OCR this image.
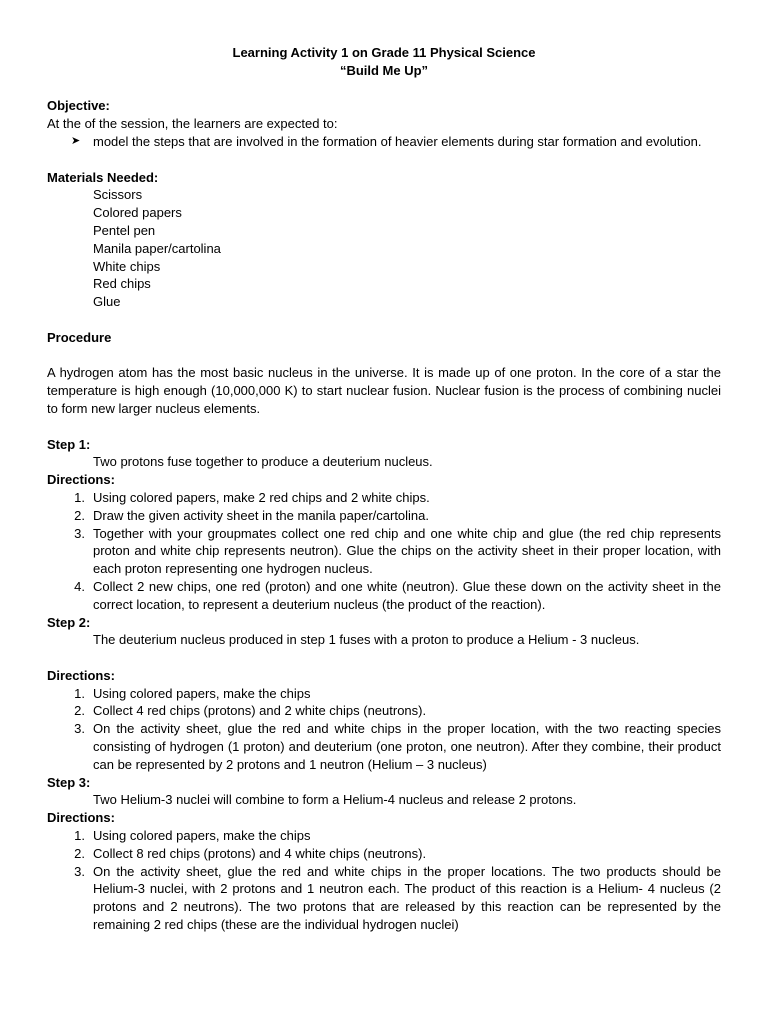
Learning Activity 1 on Grade 11 Physical Science

“Build Me Up”

Objective:

At the of the session, the learners are expected to:

➤ model the steps that are involved in the formation of heavier elements during star formation and evolution.

Materials Needed:

Scissors

Colored papers

Pentel pen

Manila paper/cartolina

White chips

Red chips

Glue

Procedure

A hydrogen atom has the most basic nucleus in the universe. It is made up of one proton. In the core of a star the temperature is high enough (10,000,000 K) to start nuclear fusion. Nuclear fusion is the process of combining nuclei to form new larger nucleus elements.

Step 1:

Two protons fuse together to produce a deuterium nucleus.

Directions:

1. Using colored papers, make 2 red chips and 2 white chips.
2. Draw the given activity sheet in the manila paper/cartolina.
3. Together with your groupmates collect one red chip and one white chip and glue (the red chip represents proton and white chip represents neutron). Glue the chips on the activity sheet in their proper location, with each proton representing one hydrogen nucleus.
4. Collect 2 new chips, one red (proton) and one white (neutron). Glue these down on the activity sheet in the correct location, to represent a deuterium nucleus (the product of the reaction).

Step 2:

The deuterium nucleus produced in step 1 fuses with a proton to produce a Helium - 3 nucleus.

Directions:

1. Using colored papers, make the chips
2. Collect 4 red chips (protons) and 2 white chips (neutrons).
3. On the activity sheet, glue the red and white chips in the proper location, with the two reacting species consisting of hydrogen (1 proton) and deuterium (one proton, one neutron). After they combine, their product can be represented by 2 protons and 1 neutron (Helium – 3 nucleus)

Step 3:

Two Helium-3 nuclei will combine to form a Helium-4 nucleus and release 2 protons.

Directions:

1. Using colored papers, make the chips
2. Collect 8 red chips (protons) and 4 white chips (neutrons).
3. On the activity sheet, glue the red and white chips in the proper locations. The two products should be Helium-3 nuclei, with 2 protons and 1 neutron each. The product of this reaction is a Helium- 4 nucleus (2 protons and 2 neutrons). The two protons that are released by this reaction can be represented by the remaining 2 red chips (these are the individual hydrogen nuclei)
